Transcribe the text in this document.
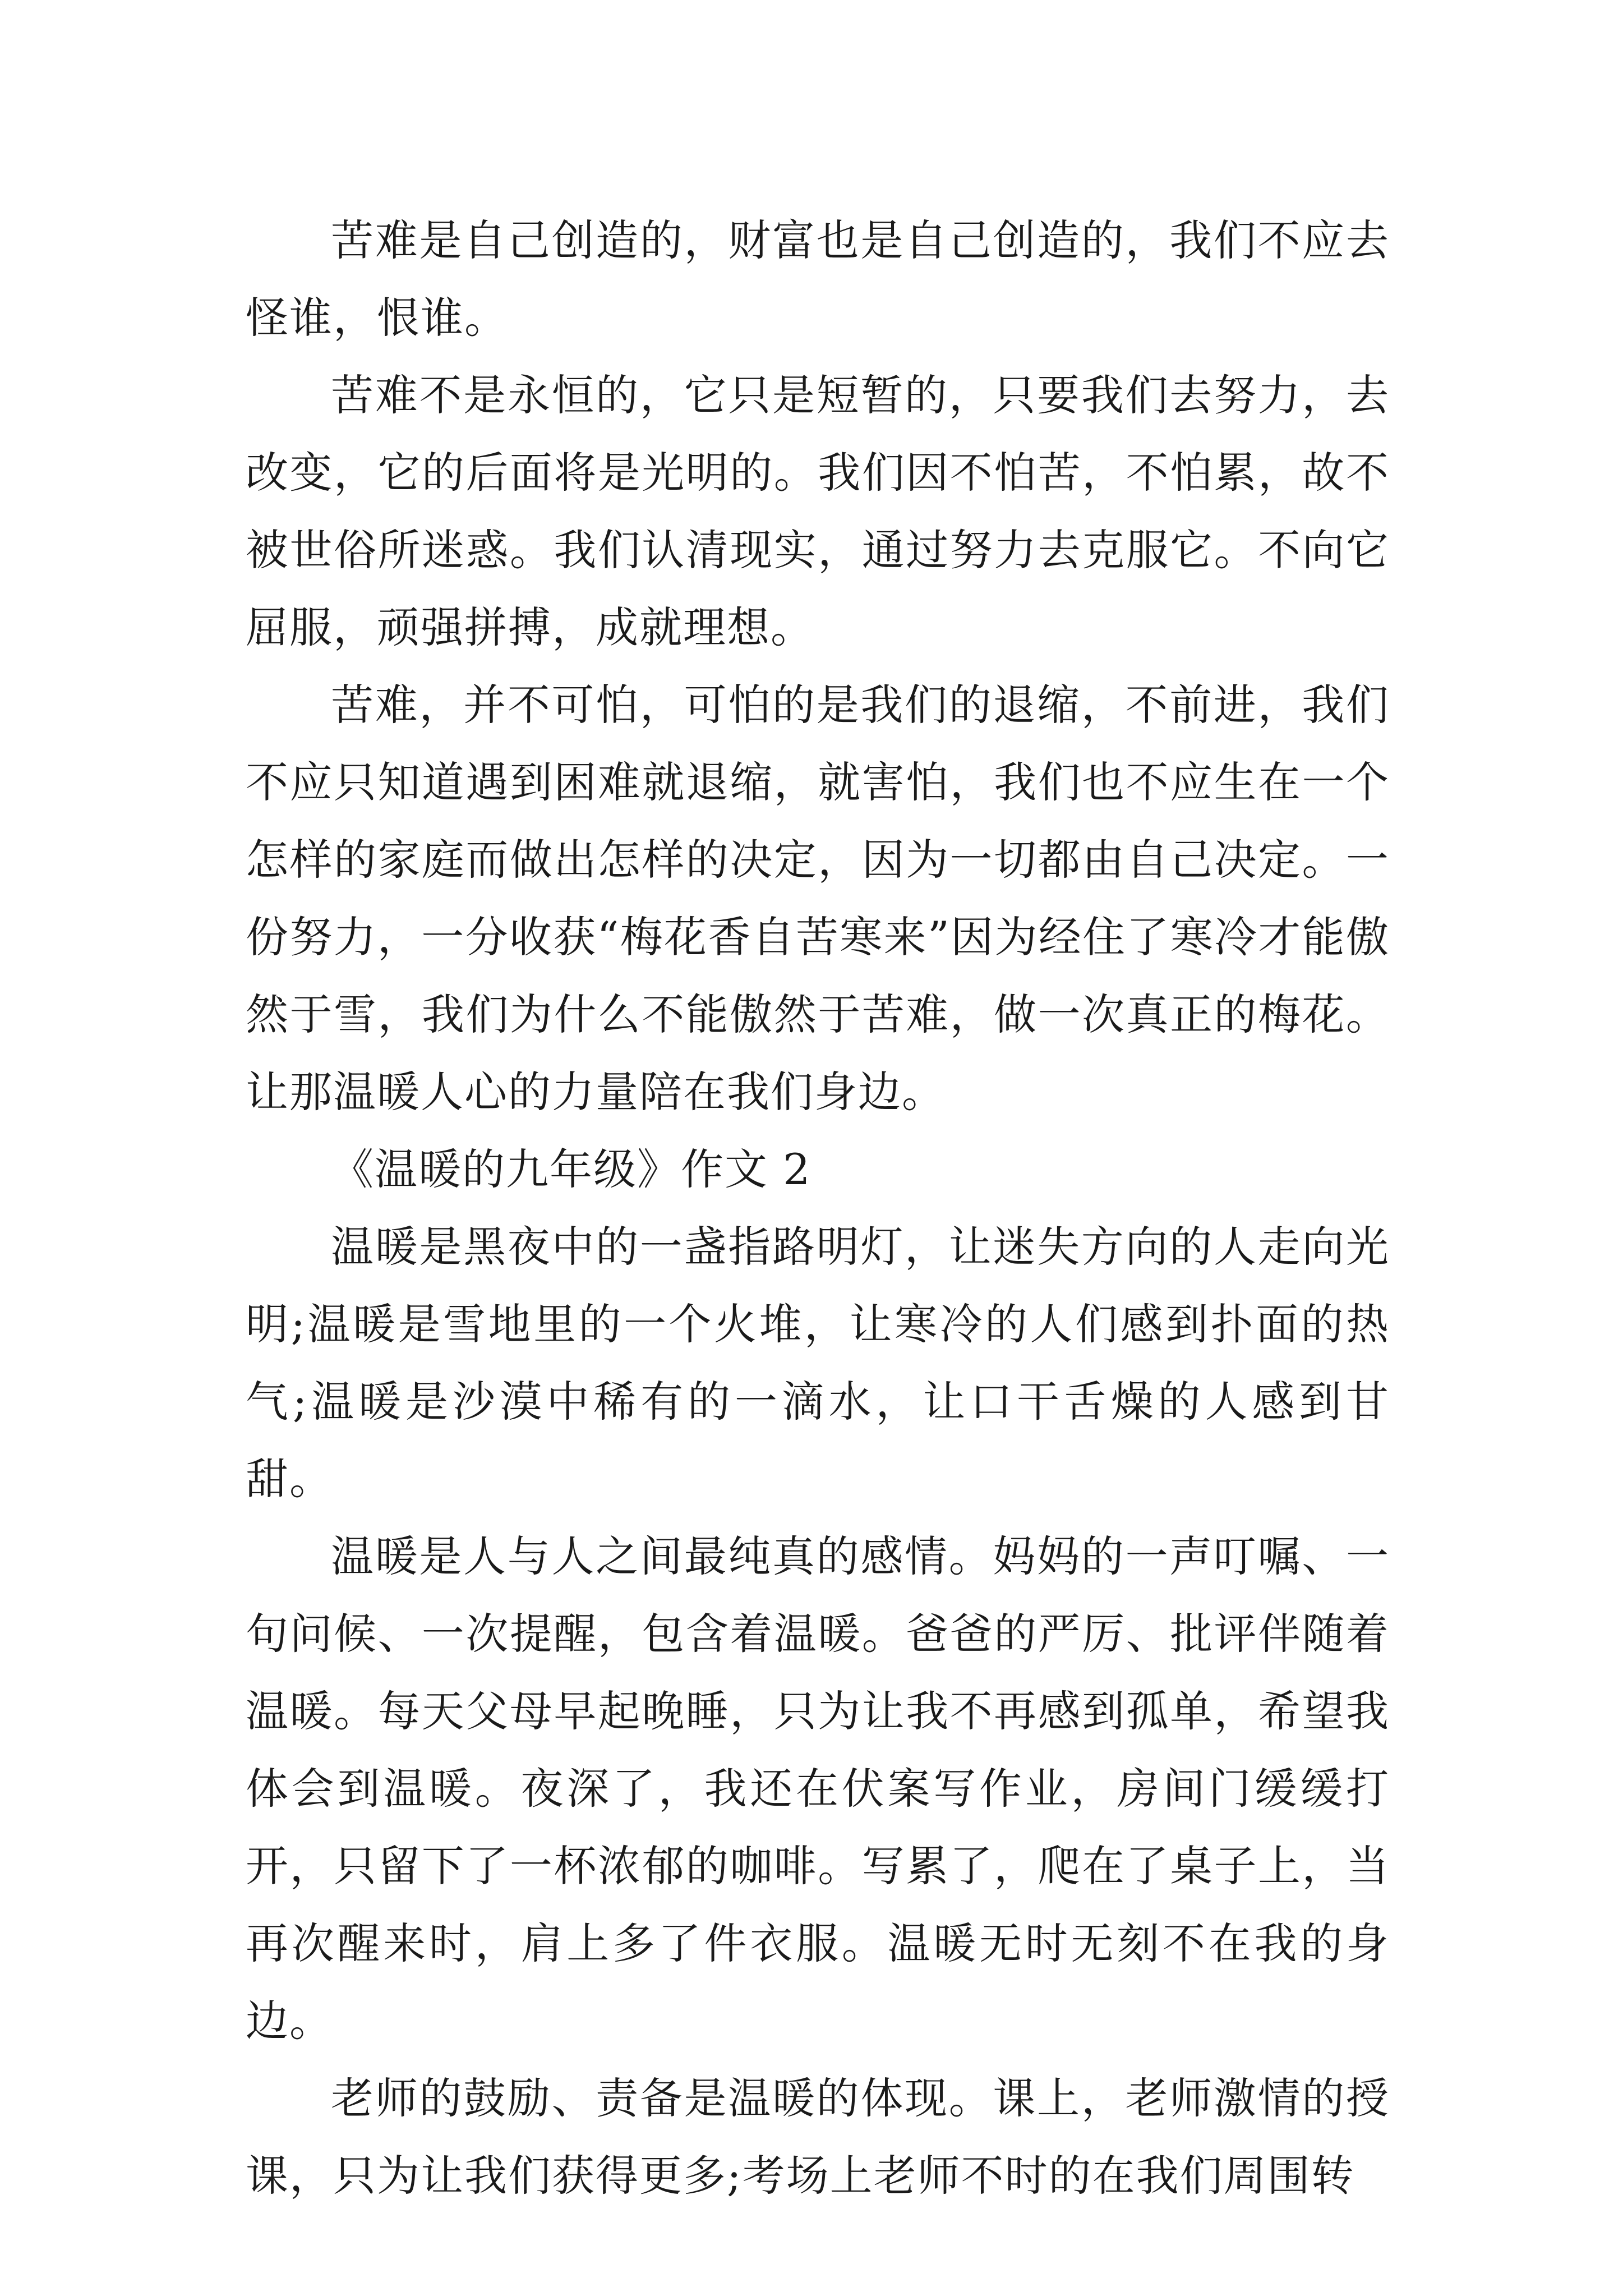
苦难是自己创造的，财富也是自己创造的，我们不应去怪谁，恨谁。

苦难不是永恒的，它只是短暂的，只要我们去努力，去改变，它的后面将是光明的。我们因不怕苦，不怕累，故不被世俗所迷惑。我们认清现实，通过努力去克服它。不向它屈服，顽强拼搏，成就理想。

苦难，并不可怕，可怕的是我们的退缩，不前进，我们不应只知道遇到困难就退缩，就害怕，我们也不应生在一个怎样的家庭而做出怎样的决定，因为一切都由自己决定。一份努力，一分收获“梅花香自苦寒来”因为经住了寒冷才能傲然于雪，我们为什么不能傲然于苦难，做一次真正的梅花。让那温暖人心的力量陪在我们身边。

《温暖的九年级》作文 2

温暖是黑夜中的一盏指路明灯，让迷失方向的人走向光明;温暖是雪地里的一个火堆，让寒冷的人们感到扑面的热气;温暖是沙漠中稀有的一滴水，让口干舌燥的人感到甘甜。

温暖是人与人之间最纯真的感情。妈妈的一声叮嘱、一句问候、一次提醒，包含着温暖。爸爸的严厉、批评伴随着温暖。每天父母早起晚睡，只为让我不再感到孤单，希望我体会到温暖。夜深了，我还在伏案写作业，房间门缓缓打开，只留下了一杯浓郁的咖啡。写累了，爬在了桌子上，当再次醒来时，肩上多了件衣服。温暖无时无刻不在我的身边。

老师的鼓励、责备是温暖的体现。课上，老师激情的授课，只为让我们获得更多;考场上老师不时的在我们周围转
